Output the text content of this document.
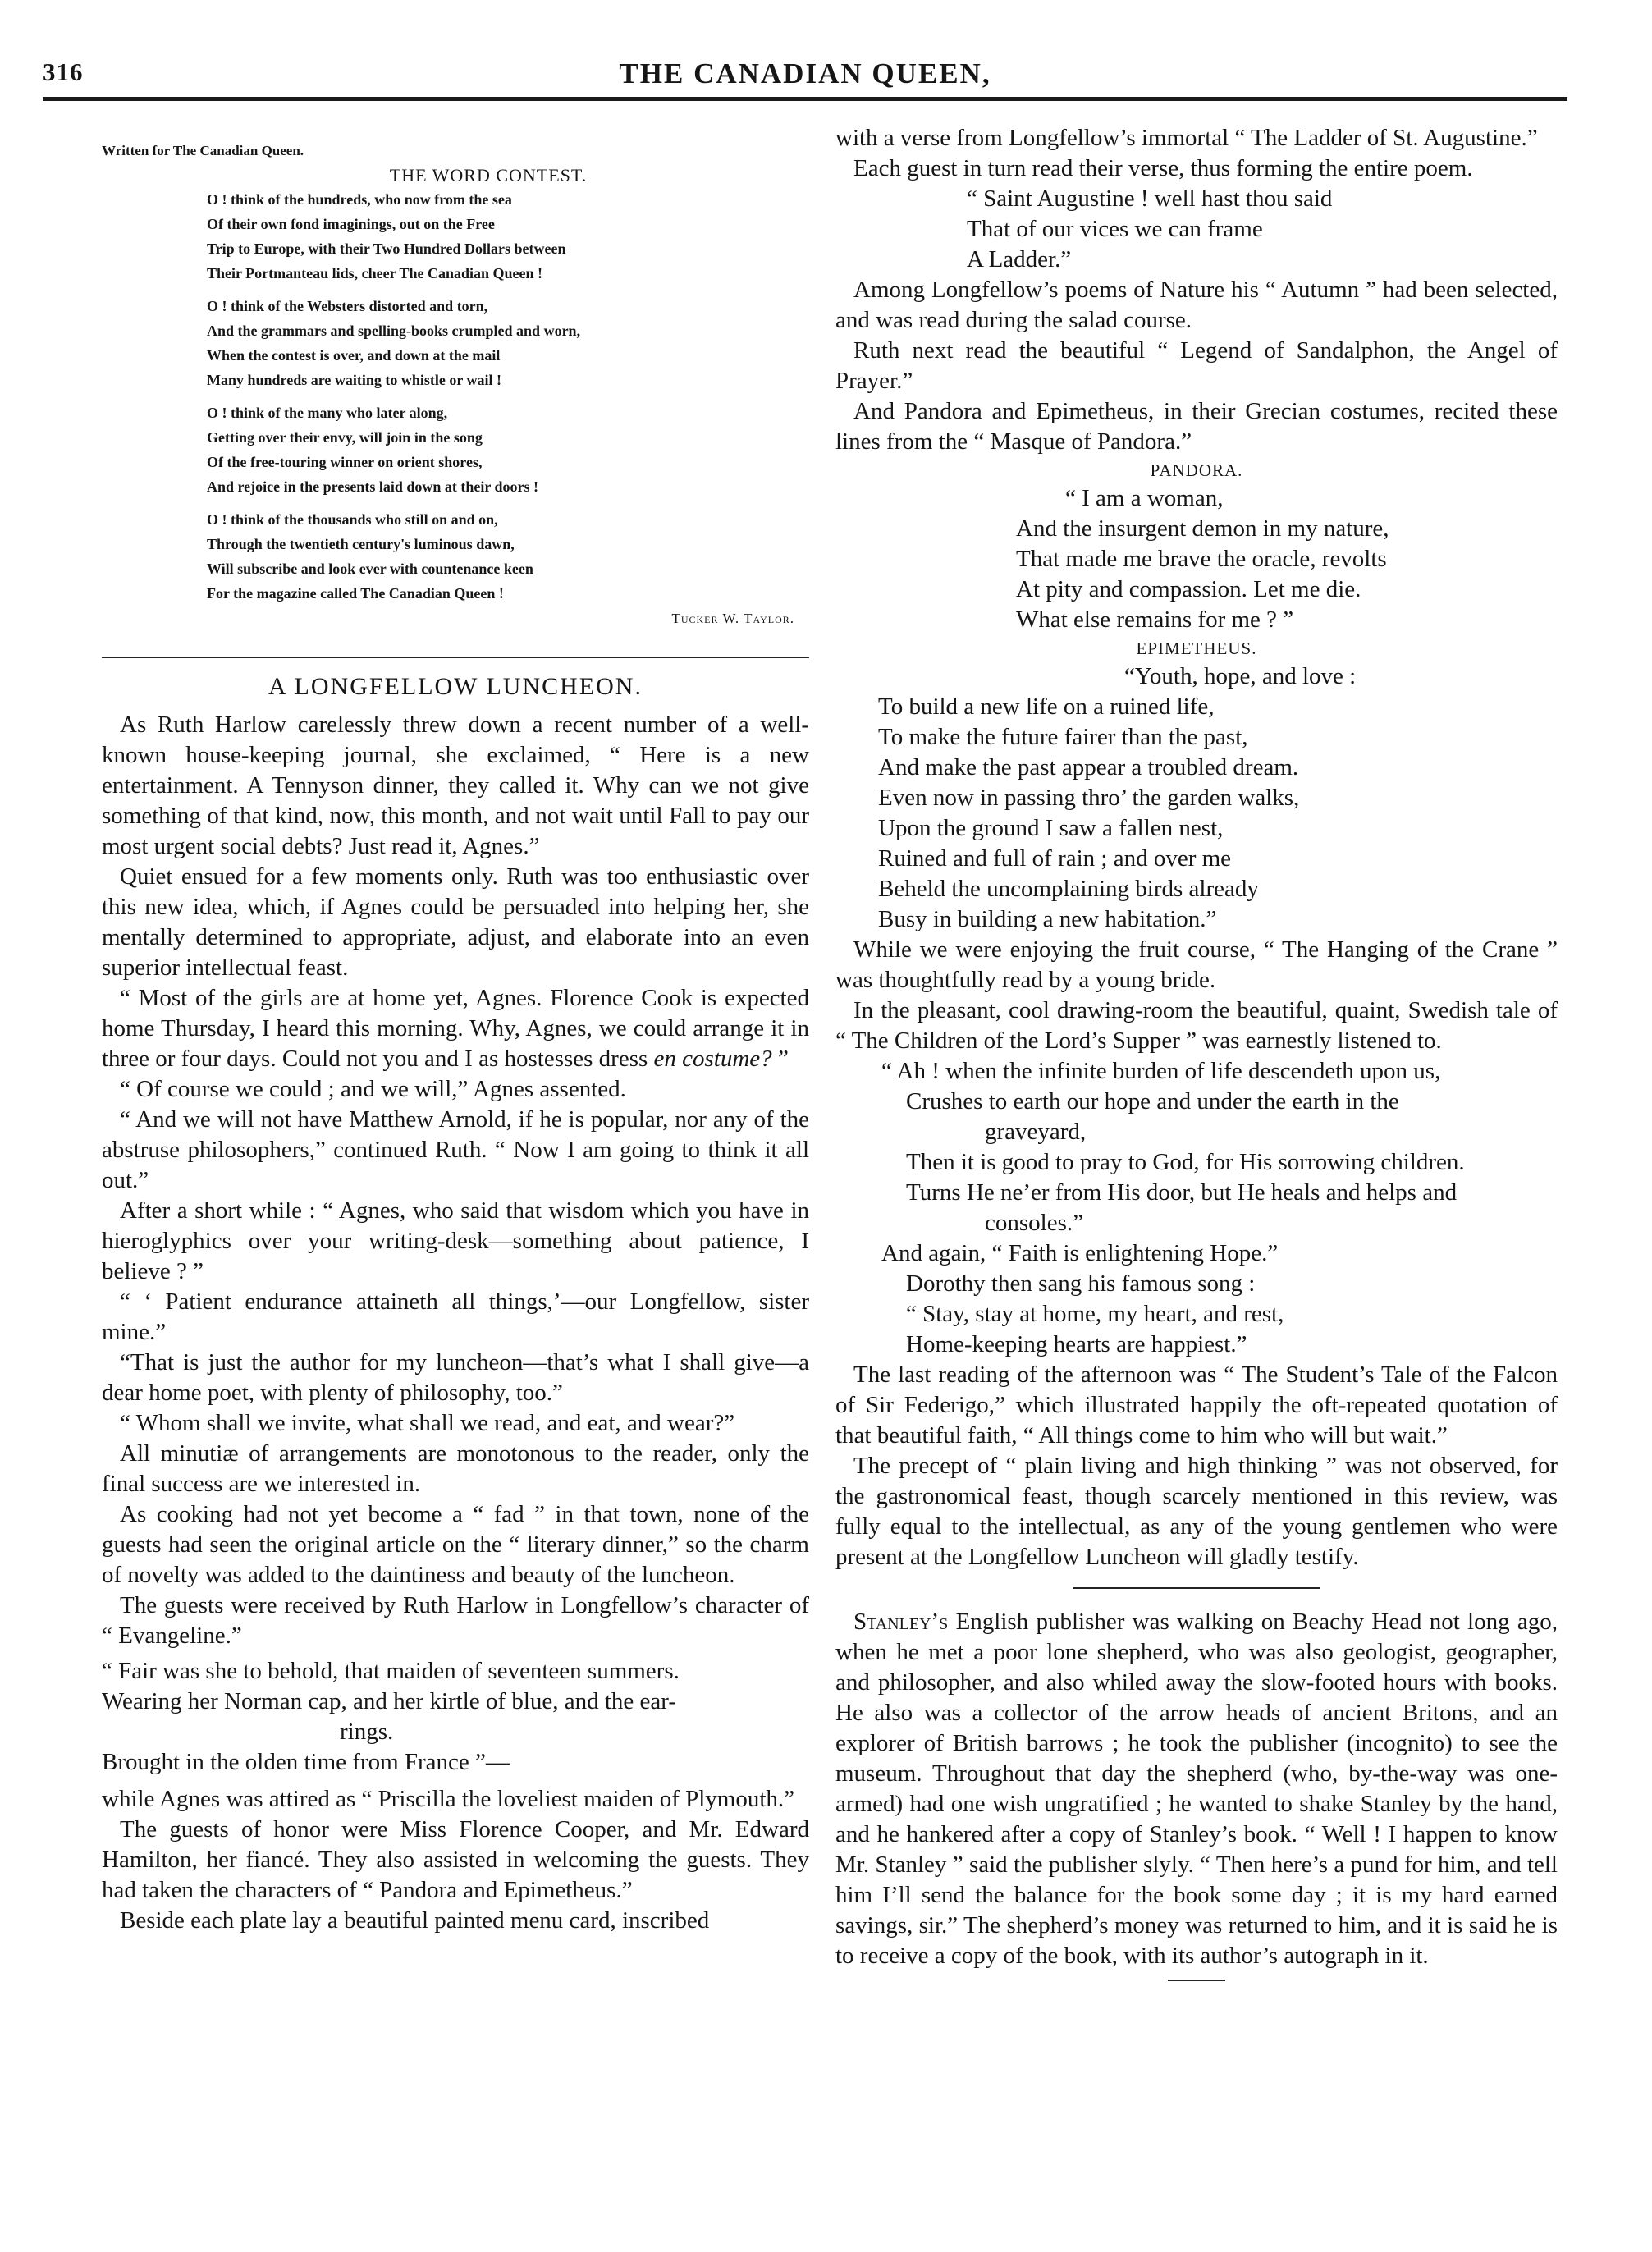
316	THE CANADIAN QUEEN,
Written for The Canadian Queen.
THE WORD CONTEST.
O ! think of the hundreds, who now from the sea
Of their own fond imaginings, out on the Free
Trip to Europe, with their Two Hundred Dollars between
Their Portmanteau lids, cheer The Canadian Queen !
O ! think of the Websters distorted and torn,
And the grammars and spelling-books crumpled and worn,
When the contest is over, and down at the mail
Many hundreds are waiting to whistle or wail !
O ! think of the many who later along,
Getting over their envy, will join in the song
Of the free-touring winner on orient shores,
And rejoice in the presents laid down at their doors !
O ! think of the thousands who still on and on,
Through the twentieth century's luminous dawn,
Will subscribe and look ever with countenance keen
For the magazine called The Canadian Queen !
Tucker W. Taylor.
A LONGFELLOW LUNCHEON.

As Ruth Harlow carelessly threw down a recent number of a well-known house-keeping journal, she exclaimed, “ Here is a new entertainment. A Tennyson dinner, they called it. Why can we not give something of that kind, now, this month, and not wait until Fall to pay our most urgent social debts? Just read it, Agnes.”

Quiet ensued for a few moments only. Ruth was too enthusiastic over this new idea, which, if Agnes could be persuaded into helping her, she mentally determined to appropriate, adjust, and elaborate into an even superior intellectual feast.

“ Most of the girls are at home yet, Agnes. Florence Cook is expected home Thursday, I heard this morning. Why, Agnes, we could arrange it in three or four days. Could not you and I as hostesses dress en costume? ”

“ Of course we could ; and we will,” Agnes assented.

“ And we will not have Matthew Arnold, if he is popular, nor any of the abstruse philosophers,” continued Ruth. “ Now I am going to think it all out.”

After a short while : “ Agnes, who said that wisdom which you have in hieroglyphics over your writing-desk—something about patience, I believe ? ”

“ ‘ Patient endurance attaineth all things,’—our Longfellow, sister mine.”

“That is just the author for my luncheon—that’s what I shall give—a dear home poet, with plenty of philosophy, too.”

“ Whom shall we invite, what shall we read, and eat, and wear?”

All minutiæ of arrangements are monotonous to the reader, only the final success are we interested in.

As cooking had not yet become a “ fad ” in that town, none of the guests had seen the original article on the “ literary dinner,” so the charm of novelty was added to the daintiness and beauty of the luncheon.

The guests were received by Ruth Harlow in Longfellow’s character of “ Evangeline.”

“ Fair was she to behold, that maiden of seventeen summers.
Wearing her Norman cap, and her kirtle of blue, and the ear-
rings.
Brought in the olden time from France ”—

while Agnes was attired as “ Priscilla the loveliest maiden of Plymouth.”

The guests of honor were Miss Florence Cooper, and Mr. Edward Hamilton, her fiancé. They also assisted in welcoming the guests. They had taken the characters of “ Pandora and Epimetheus.”

Beside each plate lay a beautiful painted menu card, inscribed

with a verse from Longfellow’s immortal “ The Ladder of St. Augustine.”

Each guest in turn read their verse, thus forming the entire poem.

“ Saint Augustine ! well hast thou said
That of our vices we can frame
A Ladder.”

Among Longfellow’s poems of Nature his “ Autumn ” had been selected, and was read during the salad course.

Ruth next read the beautiful “ Legend of Sandalphon, the Angel of Prayer.”

And Pandora and Epimetheus, in their Grecian costumes, recited these lines from the “ Masque of Pandora.”

PANDORA.
“ I am a woman,
And the insurgent demon in my nature,
That made me brave the oracle, revolts
At pity and compassion. Let me die.
What else remains for me ? ”
EPIMETHEUS.
“Youth, hope, and love :
To build a new life on a ruined life,
To make the future fairer than the past,
And make the past appear a troubled dream.
Even now in passing thro’ the garden walks,
Upon the ground I saw a fallen nest,
Ruined and full of rain ; and over me
Beheld the uncomplaining birds already
Busy in building a new habitation.”

While we were enjoying the fruit course, “ The Hanging of the Crane ” was thoughtfully read by a young bride.

In the pleasant, cool drawing-room the beautiful, quaint, Swedish tale of “ The Children of the Lord’s Supper ” was earnestly listened to.

“ Ah ! when the infinite burden of life descendeth upon us,
Crushes to earth our hope and under the earth in the
graveyard,
Then it is good to pray to God, for His sorrowing children.
Turns He ne’er from His door, but He heals and helps and
consoles.”

And again, “ Faith is enlightening Hope.”

Dorothy then sang his famous song :

“ Stay, stay at home, my heart, and rest,
Home-keeping hearts are happiest.”

The last reading of the afternoon was “ The Student’s Tale of the Falcon of Sir Federigo,” which illustrated happily the oft-repeated quotation of that beautiful faith, “ All things come to him who will but wait.”

The precept of “ plain living and high thinking ” was not observed, for the gastronomical feast, though scarcely mentioned in this review, was fully equal to the intellectual, as any of the young gentlemen who were present at the Longfellow Luncheon will gladly testify.

Stanley’s English publisher was walking on Beachy Head not long ago, when he met a poor lone shepherd, who was also geologist, geographer, and philosopher, and also whiled away the slow-footed hours with books. He also was a collector of the arrow heads of ancient Britons, and an explorer of British barrows ; he took the publisher (incognito) to see the museum. Throughout that day the shepherd (who, by-the-way was one-armed) had one wish ungratified ; he wanted to shake Stanley by the hand, and he hankered after a copy of Stanley’s book. “ Well ! I happen to know Mr. Stanley ” said the publisher slyly. “ Then here’s a pund for him, and tell him I’ll send the balance for the book some day ; it is my hard earned savings, sir.” The shepherd’s money was returned to him, and it is said he is to receive a copy of the book, with its author’s autograph in it.
